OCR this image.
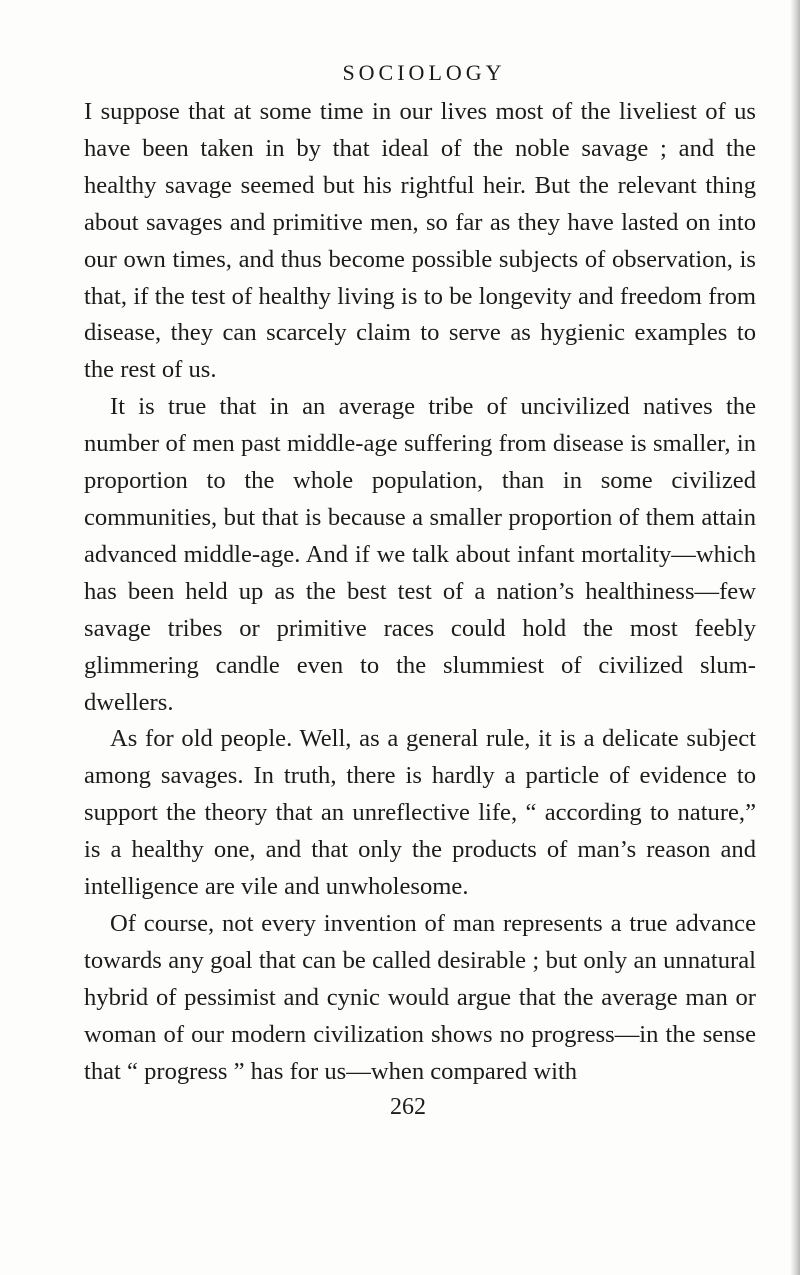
SOCIOLOGY

I suppose that at some time in our lives most of the liveliest of us have been taken in by that ideal of the noble savage ; and the healthy savage seemed but his rightful heir. But the relevant thing about savages and primitive men, so far as they have lasted on into our own times, and thus become possible subjects of observation, is that, if the test of healthy living is to be longevity and freedom from disease, they can scarcely claim to serve as hygienic examples to the rest of us.

It is true that in an average tribe of uncivilized natives the number of men past middle-age suffering from disease is smaller, in proportion to the whole population, than in some civilized communities, but that is because a smaller proportion of them attain advanced middle-age. And if we talk about infant mortality—which has been held up as the best test of a nation’s healthiness—few savage tribes or primitive races could hold the most feebly glimmering candle even to the slummiest of civilized slum-dwellers.

As for old people. Well, as a general rule, it is a delicate subject among savages. In truth, there is hardly a particle of evidence to support the theory that an unreflective life, “ according to nature,” is a healthy one, and that only the products of man’s reason and intelligence are vile and unwholesome.

Of course, not every invention of man represents a true advance towards any goal that can be called desirable ; but only an unnatural hybrid of pessimist and cynic would argue that the average man or woman of our modern civilization shows no progress—in the sense that “ progress ” has for us—when compared with

262
